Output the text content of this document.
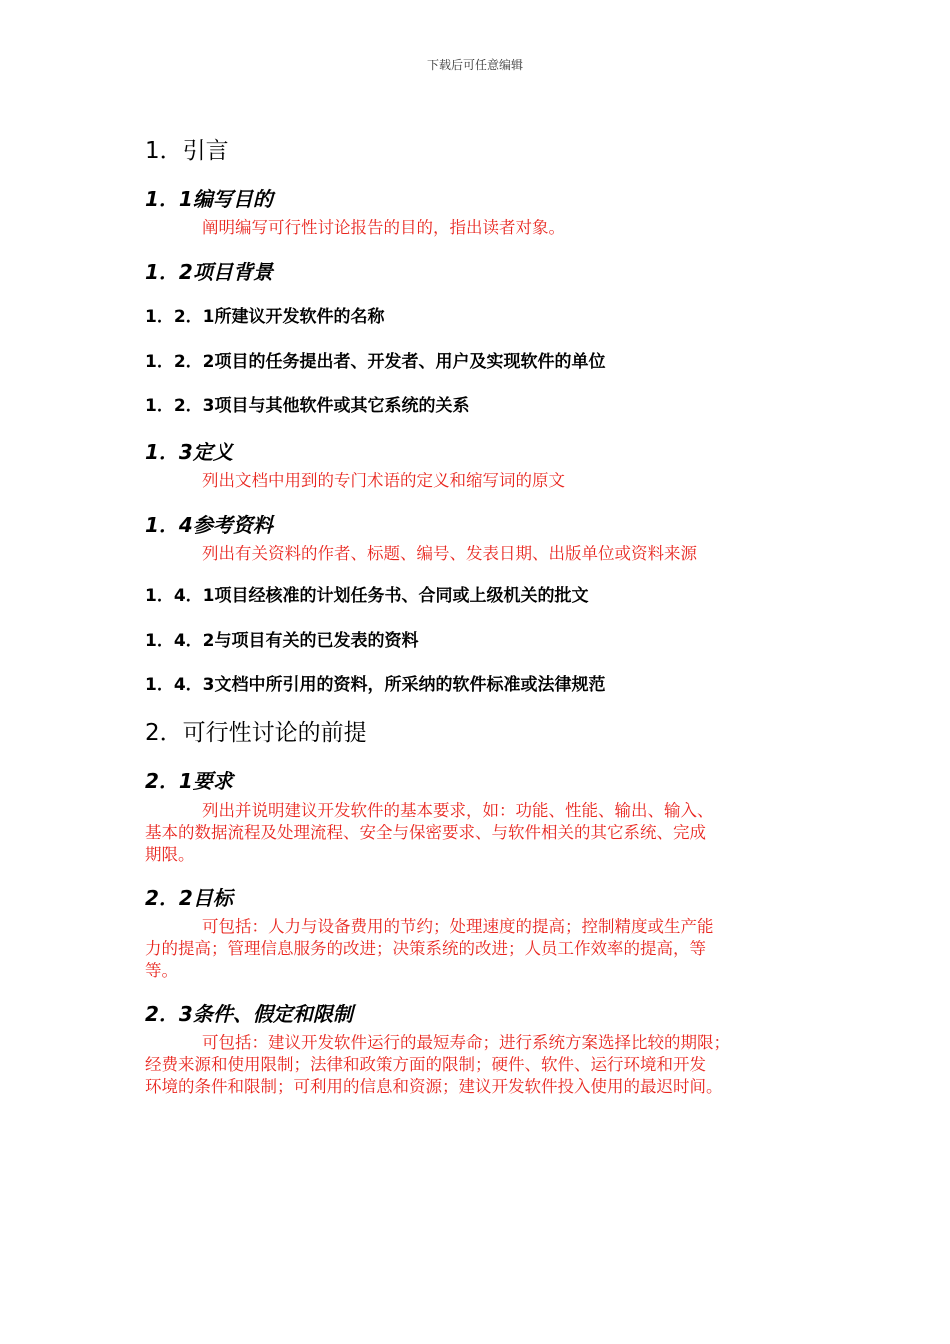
下载后可任意编辑
1．引言
1．1编写目的
阐明编写可行性讨论报告的目的，指出读者对象。
1．2项目背景
1．2．1所建议开发软件的名称
1．2．2项目的任务提出者、开发者、用户及实现软件的单位
1．2．3项目与其他软件或其它系统的关系
1．3定义
列出文档中用到的专门术语的定义和缩写词的原文
1．4参考资料
列出有关资料的作者、标题、编号、发表日期、出版单位或资料来源
1．4．1项目经核准的计划任务书、合同或上级机关的批文
1．4．2与项目有关的已发表的资料
1．4．3文档中所引用的资料，所采纳的软件标准或法律规范
2．可行性讨论的前提
2．1要求
列出并说明建议开发软件的基本要求，如：功能、性能、输出、输入、
基本的数据流程及处理流程、安全与保密要求、与软件相关的其它系统、完成
期限。
2．2目标
可包括：人力与设备费用的节约；处理速度的提高；控制精度或生产能
力的提高；管理信息服务的改进；决策系统的改进；人员工作效率的提高，等
等。
2．3条件、假定和限制
可包括：建议开发软件运行的最短寿命；进行系统方案选择比较的期限；
经费来源和使用限制；法律和政策方面的限制；硬件、软件、运行环境和开发
环境的条件和限制；可利用的信息和资源；建议开发软件投入使用的最迟时间。
